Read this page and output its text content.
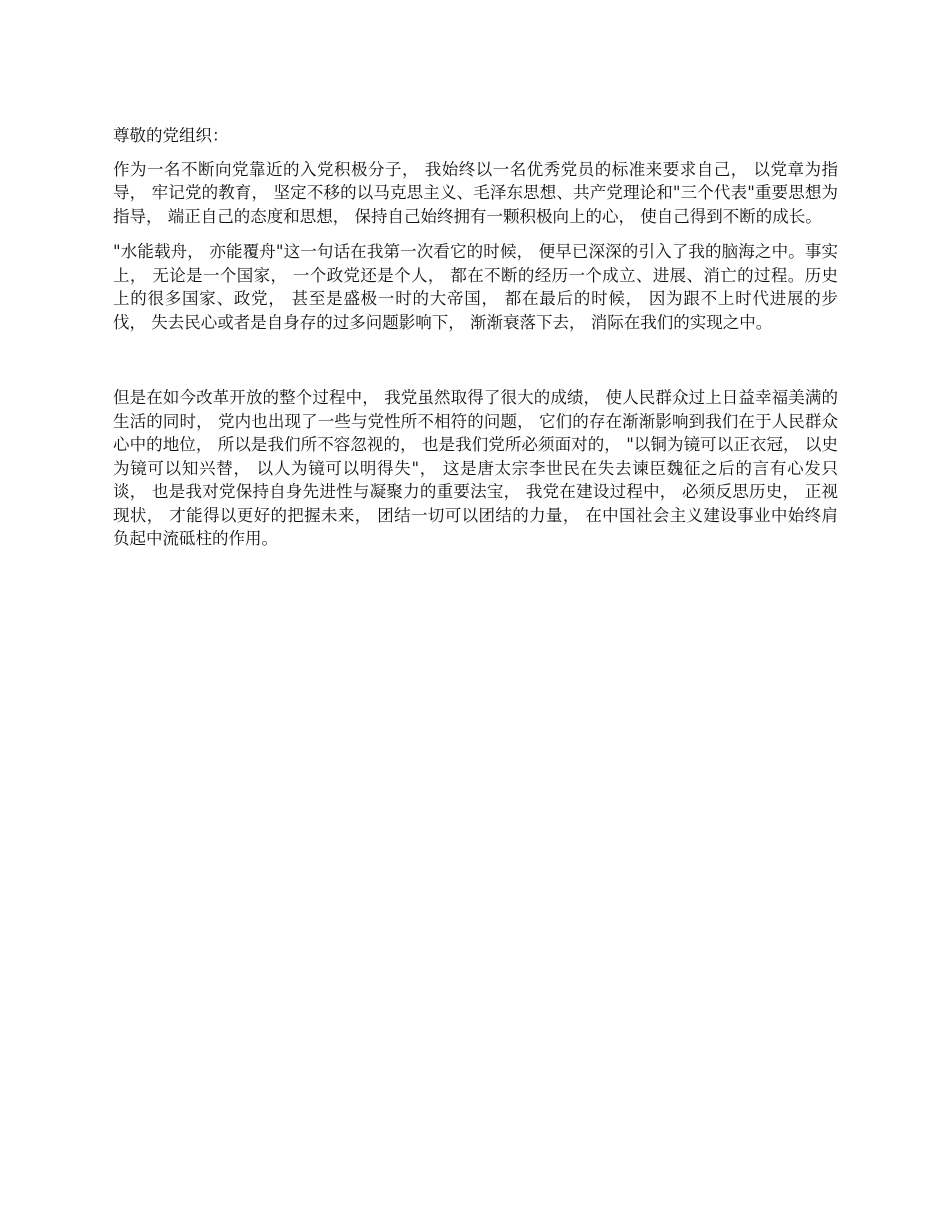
尊敬的党组织：

作为一名不断向党靠近的入党积极分子， 我始终以一名优秀党员的标准来要求自己， 以党章为指导， 牢记党的教育， 坚定不移的以马克思主义、毛泽东思想、共产党理论和"三个代表"重要思想为指导， 端正自己的态度和思想， 保持自己始终拥有一颗积极向上的心， 使自己得到不断的成长。

"水能载舟， 亦能覆舟"这一句话在我第一次看它的时候， 便早已深深的引入了我的脑海之中。事实上， 无论是一个国家， 一个政党还是个人， 都在不断的经历一个成立、进展、消亡的过程。历史上的很多国家、政党， 甚至是盛极一时的大帝国， 都在最后的时候， 因为跟不上时代进展的步伐， 失去民心或者是自身存的过多问题影响下， 渐渐衰落下去， 消际在我们的实现之中。

但是在如今改革开放的整个过程中， 我党虽然取得了很大的成绩， 使人民群众过上日益幸福美满的生活的同时， 党内也出现了一些与党性所不相符的问题， 它们的存在渐渐影响到我们在于人民群众心中的地位， 所以是我们所不容忽视的， 也是我们党所必须面对的， "以铜为镜可以正衣冠， 以史为镜可以知兴替， 以人为镜可以明得失"， 这是唐太宗李世民在失去谏臣魏征之后的言有心发只谈， 也是我对党保持自身先进性与凝聚力的重要法宝， 我党在建设过程中， 必须反思历史， 正视现状， 才能得以更好的把握未来， 团结一切可以团结的力量， 在中国社会主义建设事业中始终肩负起中流砥柱的作用。
